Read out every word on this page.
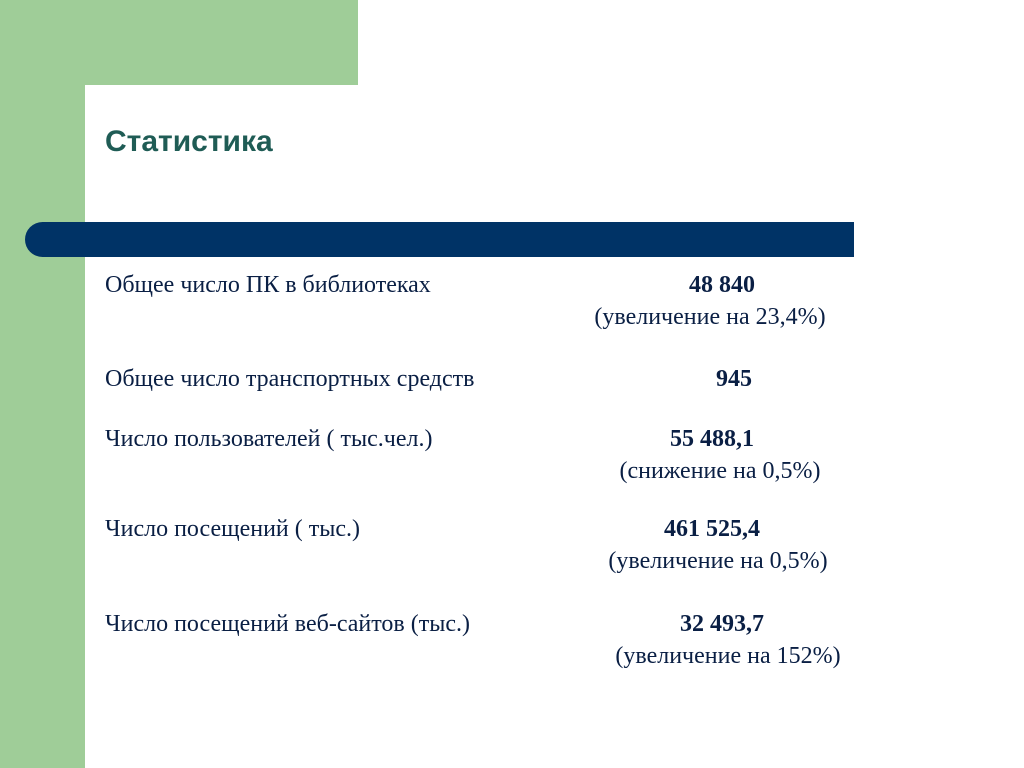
Статистика
Общее число ПК в библиотеках	48 840
(увеличение на 23,4%)
Общее число транспортных средств	945
Число пользователей ( тыс.чел.)	55 488,1
(снижение на 0,5%)
Число посещений ( тыс.)	461 525,4
(увеличение на 0,5%)
Число посещений веб-сайтов (тыс.)	32 493,7
(увеличение на 152%)
